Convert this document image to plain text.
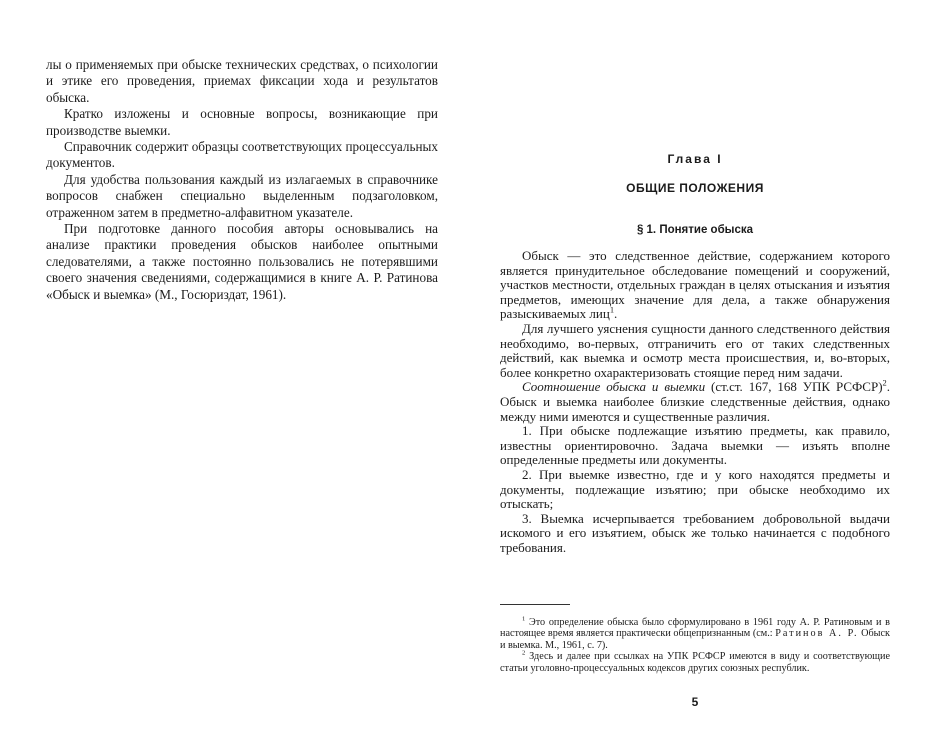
лы о применяемых при обыске технических средствах, о психологии и этике его проведения, приемах фиксации хода и результатов обыска.

Кратко изложены и основные вопросы, возникающие при производстве выемки.

Справочник содержит образцы соответствующих процессуальных документов.

Для удобства пользования каждый из излагаемых в справочнике вопросов снабжен специально выделенным подзаголовком, отраженном затем в предметно-алфавитном указателе.

При подготовке данного пособия авторы основывались на анализе практики проведения обысков наиболее опытными следователями, а также постоянно пользовались не потерявшими своего значения сведениями, содержащимися в книге А. Р. Ратинова «Обыск и выемка» (М., Госюриздат, 1961).

Глава I
ОБЩИЕ ПОЛОЖЕНИЯ
§ 1. Понятие обыска

Обыск — это следственное действие, содержанием которого является принудительное обследование помещений и сооружений, участков местности, отдельных граждан в целях отыскания и изъятия предметов, имеющих значение для дела, а также обнаружения разыскиваемых лиц$^1$.

Для лучшего уяснения сущности данного следственного действия необходимо, во-первых, отграничить его от таких следственных действий, как выемка и осмотр места происшествия, и, во-вторых, более конкретно охарактеризовать стоящие перед ним задачи.

Соотношение обыска и выемки (ст.ст. 167, 168 УПК РСФСР)$^2$. Обыск и выемка наиболее близкие следственные действия, однако между ними имеются и существенные различия.

1. При обыске подлежащие изъятию предметы, как правило, известны ориентировочно. Задача выемки — изъять вполне определенные предметы или документы.

2. При выемке известно, где и у кого находятся предметы и документы, подлежащие изъятию; при обыске необходимо их отыскать;

3. Выемка исчерпывается требованием добровольной выдачи искомого и его изъятием, обыск же только начинается с подобного требования.

$^1$ Это определение обыска было сформулировано в 1961 году А. Р. Ратиновым и в настоящее время является практически общепризнанным (см.: Ратинов А. Р. Обыск и выемка. М., 1961, с. 7).

$^2$ Здесь и далее при ссылках на УПК РСФСР имеются в виду и соответствующие статьи уголовно-процессуальных кодексов других союзных республик.

5
